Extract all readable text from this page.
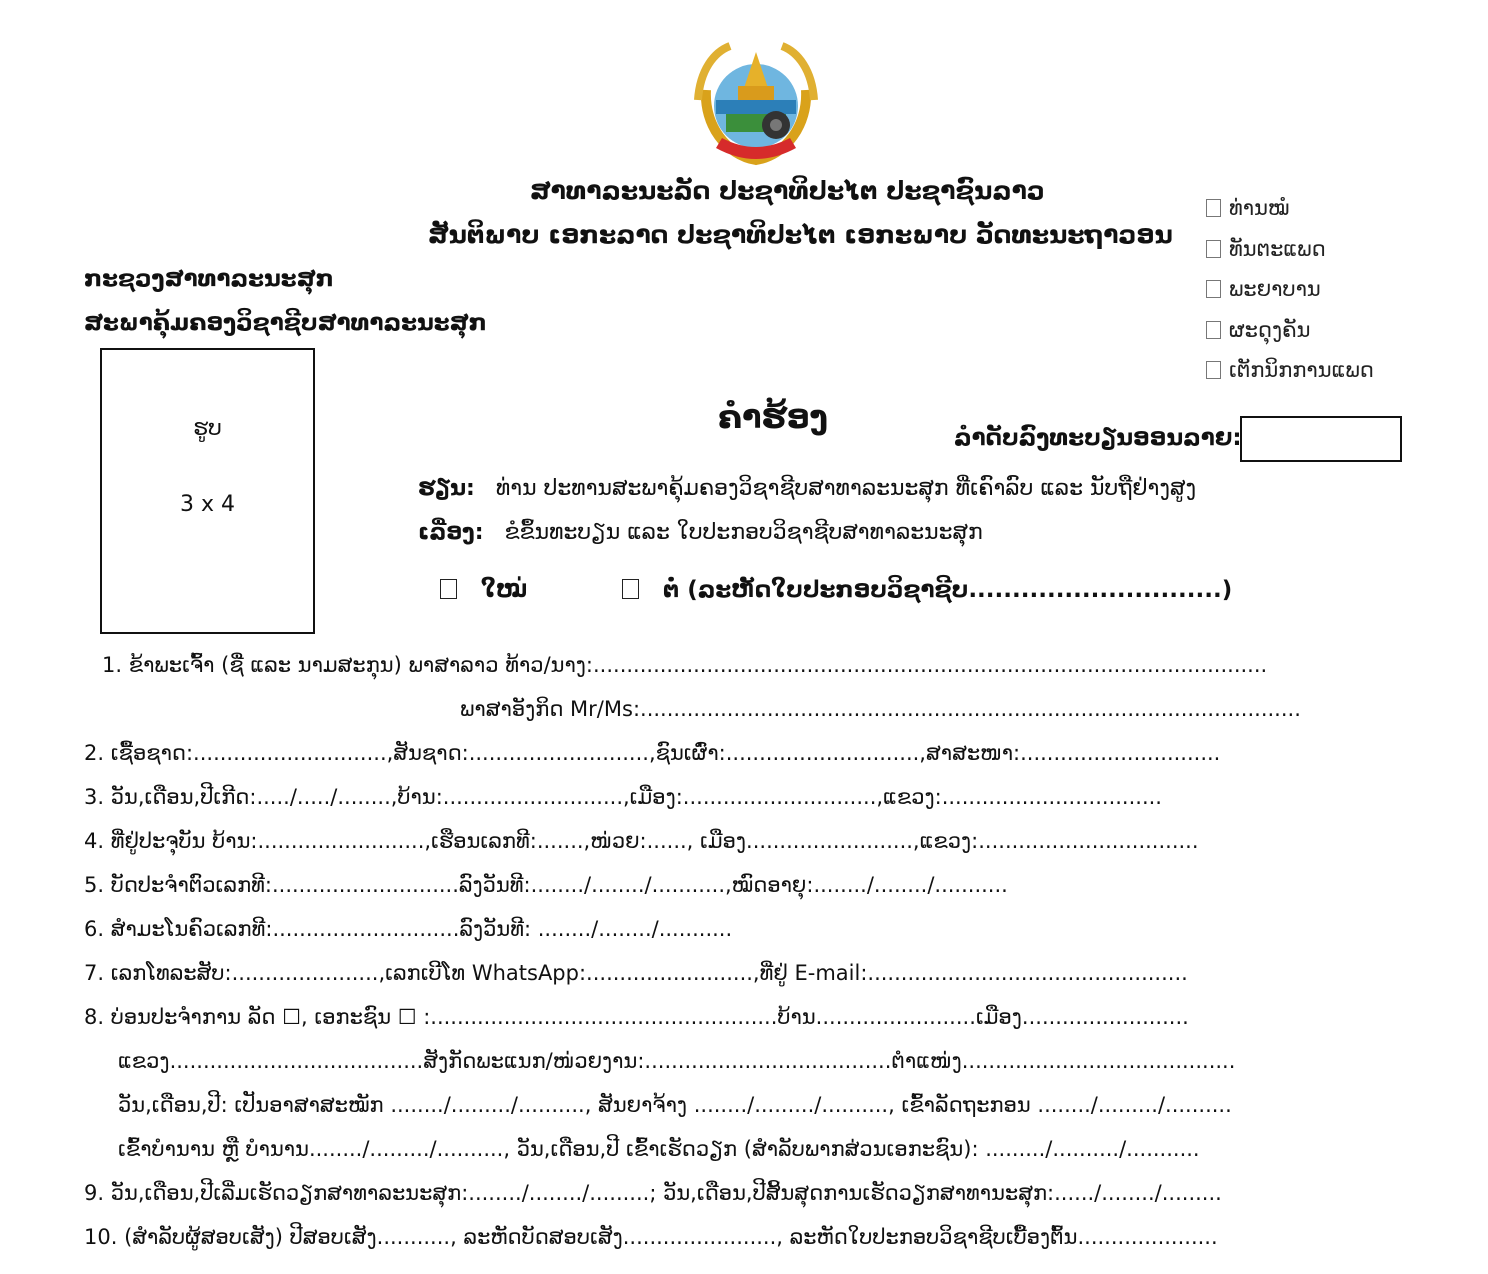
ສາທາລະນະລັດ ປະຊາທິປະໄຕ ປະຊາຊົນລາວ
ສັນຕິພາບ ເອກະລາດ ປະຊາທິປະໄຕ ເອກະພາບ ວັດທະນະຖາວອນ
ກະຊວງສາທາລະນະສຸກ
ສະພາຄຸ້ມຄອງວິຊາຊີບສາທາລະນະສຸກ
ທ່ານໝໍ
ທັນຕະແພດ
ພະຍາບານ
ຜະດຸງຄັນ
ເຕັກນິກການແພດ
ຮູບ
3 x 4
ຄໍາຮ້ອງ
ລໍາດັບລົງທະບຽນອອນລາຍ:
ຮຽນ: ທ່ານ ປະທານສະພາຄຸ້ມຄອງວິຊາຊີບສາທາລະນະສຸກ ທີ່ເຄົາລົບ ແລະ ນັບຖືຢ່າງສູງ
ເລື່ອງ: ຂໍຂຶ້ນທະບຽນ ແລະ ໃບປະກອບວິຊາຊີບສາທາລະນະສຸກ
ໃໝ່	ຕໍ່ (ລະຫັດໃບປະກອບວິຊາຊີບ.............................)
1. ຂ້າພະເຈົ້າ (ຊື່ ແລະ ນາມສະກຸນ) ພາສາລາວ ທ້າວ/ນາງ:.....................................................................................................
ພາສາອັງກິດ Mr/Ms:...................................................................................................
2. ເຊື້ອຊາດ:.............................,ສັນຊາດ:...........................,ຊົນເຜົ່າ:.............................,ສາສະໜາ:..............................
3. ວັນ,ເດືອນ,ປີເກີດ:...../...../........,ບ້ານ:...........................,ເມືອງ:.............................,ແຂວງ:.................................
4. ທີ່ຢູ່ປະຈຸບັນ ບ້ານ:.........................,ເຮືອນເລກທີ:.......,ໜ່ວຍ:......, ເມືອງ.........................,ແຂວງ:.................................
5. ບັດປະຈໍາຕົວເລກທີ:............................ລົງວັນທີ:......../......../...........,ໝົດອາຍຸ:......../......../...........
6. ສໍາມະໂນຄົວເລກທີ:............................ລົງວັນທີ: ......../......../...........
7. ເລກໂທລະສັບ:......................,ເລກເບີໂທ WhatsApp:.........................,ທີ່ຢູ່ E-mail:................................................
8. ບ່ອນປະຈໍາການ ລັດ ☐, ເອກະຊົນ ☐ :....................................................ບ້ານ........................ເມືອງ.........................
ແຂວງ......................................ສັງກັດພະແນກ/ໜ່ວຍງານ:.....................................ຕໍາແໜ່ງ.........................................
ວັນ,ເດືອນ,ປີ: ເປັນອາສາສະໝັກ ......../........./.........., ສັນຍາຈ້າງ ......../........./.........., ເຂົ້າລັດຖະກອນ ......../........./..........
ເຂົ້າບໍານານ ຫຼື ບໍານານ......../........./.........., ວັນ,ເດືອນ,ປີ ເຂົ້າເຮັດວຽກ (ສໍາລັບພາກສ່ວນເອກະຊົນ): ........./........../...........
9. ວັນ,ເດືອນ,ປີເລີ່ມເຮັດວຽກສາທາລະນະສຸກ:......../......../.........; ວັນ,ເດືອນ,ປີສິ້ນສຸດການເຮັດວຽກສາທານະສຸກ:....../......../.........
10. (ສໍາລັບຜູ້ສອບເສັງ) ປີສອບເສັງ..........., ລະຫັດບັດສອບເສັງ......................., ລະຫັດໃບປະກອບວິຊາຊີບເບື້ອງຕົ້ນ.....................
